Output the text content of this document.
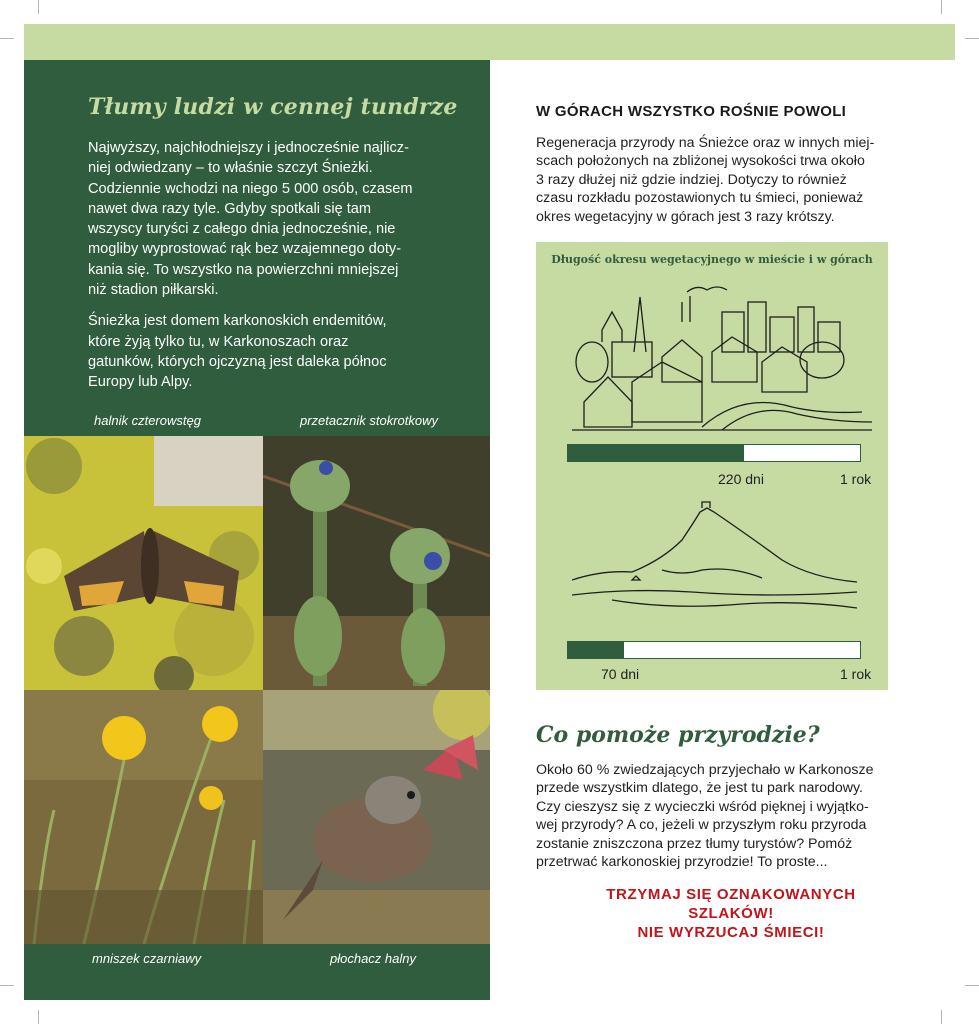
Tłumy ludzi w cennej tundrze

Najwyższy, najchłodniejszy i jednocześnie najlicz-
niej odwiedzany – to właśnie szczyt Śnieżki.
Codziennie wchodzi na niego 5 000 osób, czasem
nawet dwa razy tyle. Gdyby spotkali się tam
wszyscy turyści z całego dnia jednocześnie, nie
mogliby wyprostować rąk bez wzajemnego doty-
kania się. To wszystko na powierzchni mniejszej
niż stadion piłkarski.

Śnieżka jest domem karkonoskich endemitów,
które żyją tylko tu, w Karkonoszach oraz
gatunków, których ojczyzną jest daleka północ
Europy lub Alpy.

halnik czterowstęg	przetacznik stokrotkowy

mniszek czarniawy	płochacz halny

W GÓRACH WSZYSTKO ROŚNIE POWOLI

Regeneracja przyrody na Śnieżce oraz w innych miej-
scach położonych na zbliżonej wysokości trwa około
3 razy dłużej niż gdzie indziej. Dotyczy to również
czasu rozkładu pozostawionych tu śmieci, ponieważ
okres wegetacyjny w górach jest 3 razy krótszy.

Długość okresu wegetacyjnego w mieście i w górach

220 dni	1 rok

70 dni	1 rok

Co pomoże przyrodzie?

Około 60 % zwiedzających przyjechało w Karkonosze
przede wszystkim dlatego, że jest tu park narodowy.
Czy cieszysz się z wycieczki wśród pięknej i wyjątko-
wej przyrody? A co, jeżeli w przyszłym roku przyroda
zostanie zniszczona przez tłumy turystów? Pomóż
przetrwać karkonoskiej przyrodzie! To proste...

TRZYMAJ SIĘ OZNAKOWANYCH
SZLAKÓW!
NIE WYRZUCAJ ŚMIECI!
